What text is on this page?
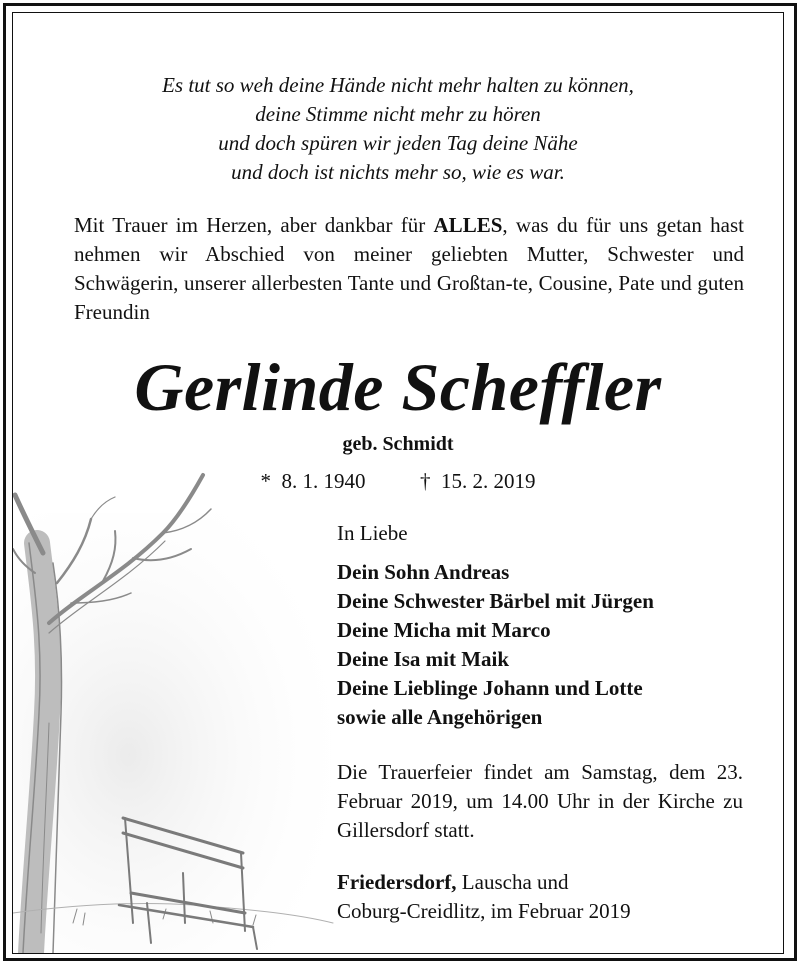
Es tut so weh deine Hände nicht mehr halten zu können,
deine Stimme nicht mehr zu hören
und doch spüren wir jeden Tag deine Nähe
und doch ist nichts mehr so, wie es war.

Mit Trauer im Herzen, aber dankbar für ALLES, was du für uns getan hast nehmen wir Abschied von meiner geliebten Mutter, Schwester und Schwägerin, unserer allerbesten Tante und Großtan-te, Cousine, Pate und guten Freundin

Gerlinde Scheffler
geb. Schmidt
* 8. 1. 1940	† 15. 2. 2019

In Liebe

Dein Sohn Andreas
Deine Schwester Bärbel mit Jürgen
Deine Micha mit Marco
Deine Isa mit Maik
Deine Lieblinge Johann und Lotte
sowie alle Angehörigen
Die Trauerfeier findet am Samstag, dem 23. Februar 2019, um 14.00 Uhr in der Kirche zu Gillersdorf statt.
Friedersdorf, Lauscha und
Coburg-Creidlitz, im Februar 2019
